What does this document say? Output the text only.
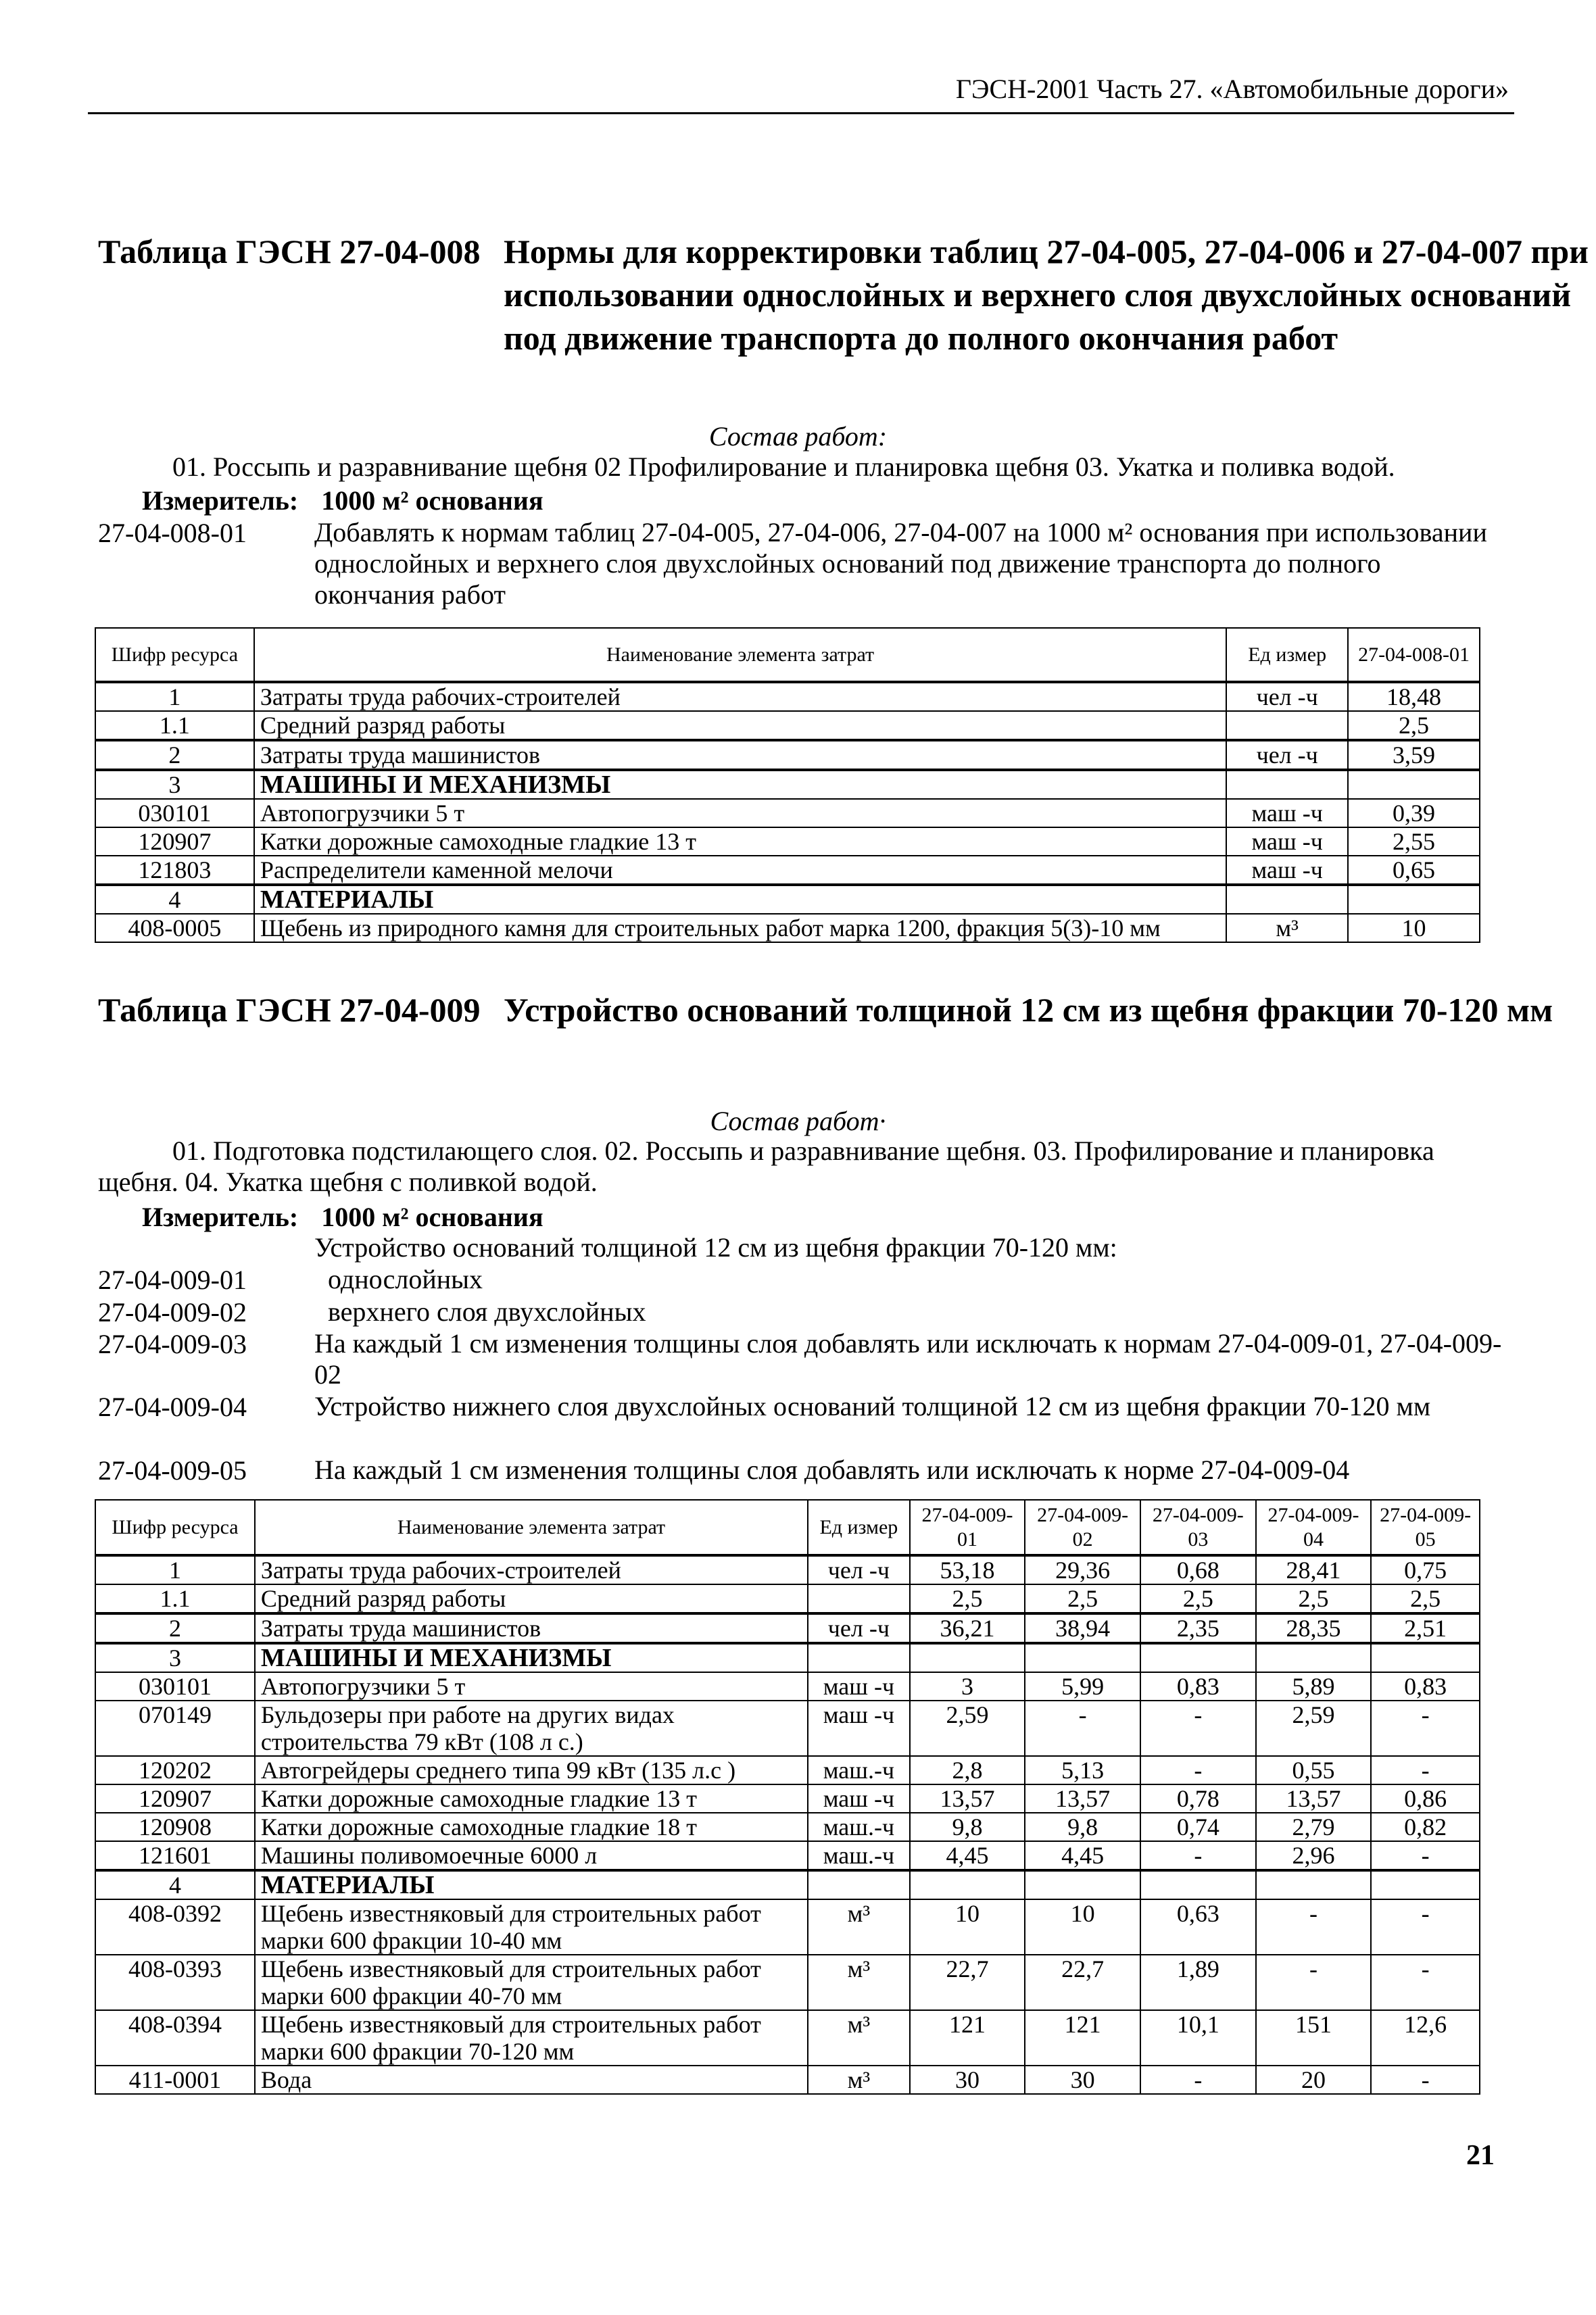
ГЭСН-2001 Часть 27. «Автомобильные дороги»
Таблица ГЭСН 27-04-008 Нормы для корректировки таблиц 27-04-005, 27-04-006 и 27-04-007 при использовании однослойных и верхнего слоя двухслойных оснований под движение транспорта до полного окончания работ
Состав работ:
01. Россыпь и разравнивание щебня 02 Профилирование и планировка щебня 03. Укатка и поливка водой.
Измеритель: 1000 м² основания
27-04-008-01	Добавлять к нормам таблиц 27-04-005, 27-04-006, 27-04-007 на 1000 м² основания при использовании однослойных и верхнего слоя двухслойных оснований под движение транспорта до полного окончания работ
Шифр ресурса	Наименование элемента затрат	Ед измер	27-04-008-01
1	Затраты труда рабочих-строителей	чел -ч	18,48
1.1	Средний разряд работы		2,5
2	Затраты труда машинистов	чел -ч	3,59
3	МАШИНЫ И МЕХАНИЗМЫ		
030101	Автопогрузчики 5 т	маш -ч	0,39
120907	Катки дорожные самоходные гладкие 13 т	маш -ч	2,55
121803	Распределители каменной мелочи	маш -ч	0,65
4	МАТЕРИАЛЫ		
408-0005	Щебень из природного камня для строительных работ марка 1200, фракция 5(3)-10 мм	м³	10
Таблица ГЭСН 27-04-009 Устройство оснований толщиной 12 см из щебня фракции 70-120 мм
Состав работ·
01. Подготовка подстилающего слоя. 02. Россыпь и разравнивание щебня. 03. Профилирование и планировка щебня. 04. Укатка щебня с поливкой водой.
Измеритель: 1000 м² основания
Устройство оснований толщиной 12 см из щебня фракции 70-120 мм:
27-04-009-01	однослойных
27-04-009-02	верхнего слоя двухслойных
27-04-009-03	На каждый 1 см изменения толщины слоя добавлять или исключать к нормам 27-04-009-01, 27-04-009-02
27-04-009-04	Устройство нижнего слоя двухслойных оснований толщиной 12 см из щебня фракции 70-120 мм
27-04-009-05	На каждый 1 см изменения толщины слоя добавлять или исключать к норме 27-04-009-04
Шифр ресурса	Наименование элемента затрат	Ед измер	27-04-009-01	27-04-009-02	27-04-009-03	27-04-009-04	27-04-009-05
1	Затраты труда рабочих-строителей	чел -ч	53,18	29,36	0,68	28,41	0,75
1.1	Средний разряд работы		2,5	2,5	2,5	2,5	2,5
2	Затраты труда машинистов	чел -ч	36,21	38,94	2,35	28,35	2,51
3	МАШИНЫ И МЕХАНИЗМЫ						
030101	Автопогрузчики 5 т	маш -ч	3	5,99	0,83	5,89	0,83
070149	Бульдозеры при работе на других видах строительства 79 кВт (108 л с.)	маш -ч	2,59	-	-	2,59	-
120202	Автогрейдеры среднего типа 99 кВт (135 л.с )	маш.-ч	2,8	5,13	-	0,55	-
120907	Катки дорожные самоходные гладкие 13 т	маш -ч	13,57	13,57	0,78	13,57	0,86
120908	Катки дорожные самоходные гладкие 18 т	маш.-ч	9,8	9,8	0,74	2,79	0,82
121601	Машины поливомоечные 6000 л	маш.-ч	4,45	4,45	-	2,96	-
4	МАТЕРИАЛЫ						
408-0392	Щебень известняковый для строительных работ марки 600 фракции 10-40 мм	м³	10	10	0,63	-	-
408-0393	Щебень известняковый для строительных работ марки 600 фракции 40-70 мм	м³	22,7	22,7	1,89	-	-
408-0394	Щебень известняковый для строительных работ марки 600 фракции 70-120 мм	м³	121	121	10,1	151	12,6
411-0001	Вода	м³	30	30	-	20	-
21
